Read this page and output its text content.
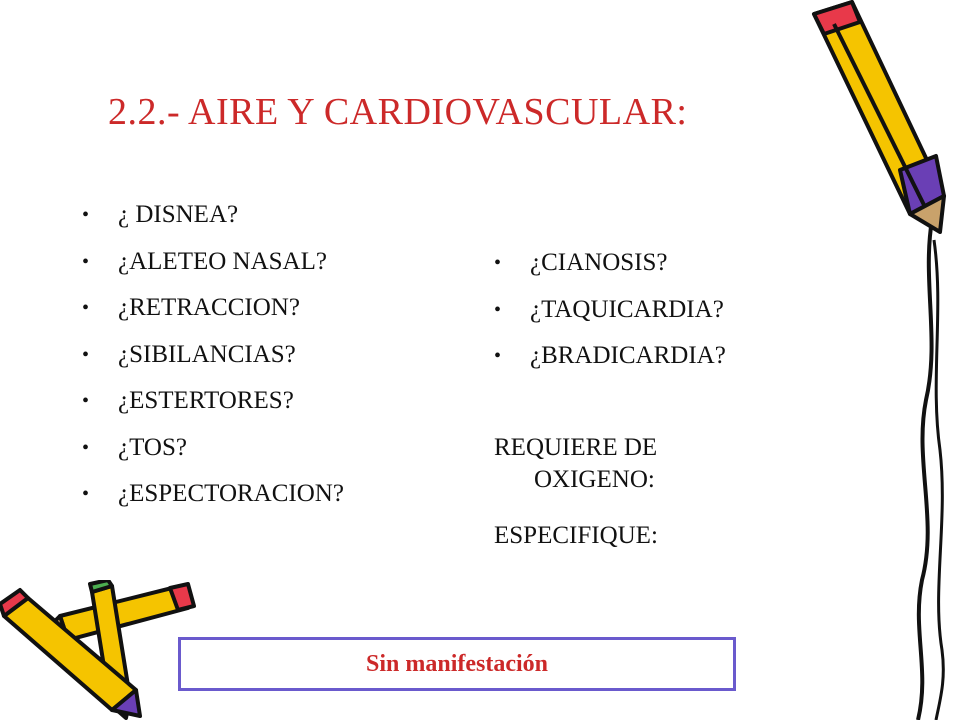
2.2.- AIRE Y CARDIOVASCULAR:
• ¿ DISNEA?
• ¿ALETEO NASAL?
• ¿RETRACCION?
• ¿SIBILANCIAS?
• ¿ESTERTORES?
• ¿TOS?
• ¿ESPECTORACION?
• ¿CIANOSIS?
• ¿TAQUICARDIA?
• ¿BRADICARDIA?
REQUIERE DE
OXIGENO:
ESPECIFIQUE:
Sin manifestación
